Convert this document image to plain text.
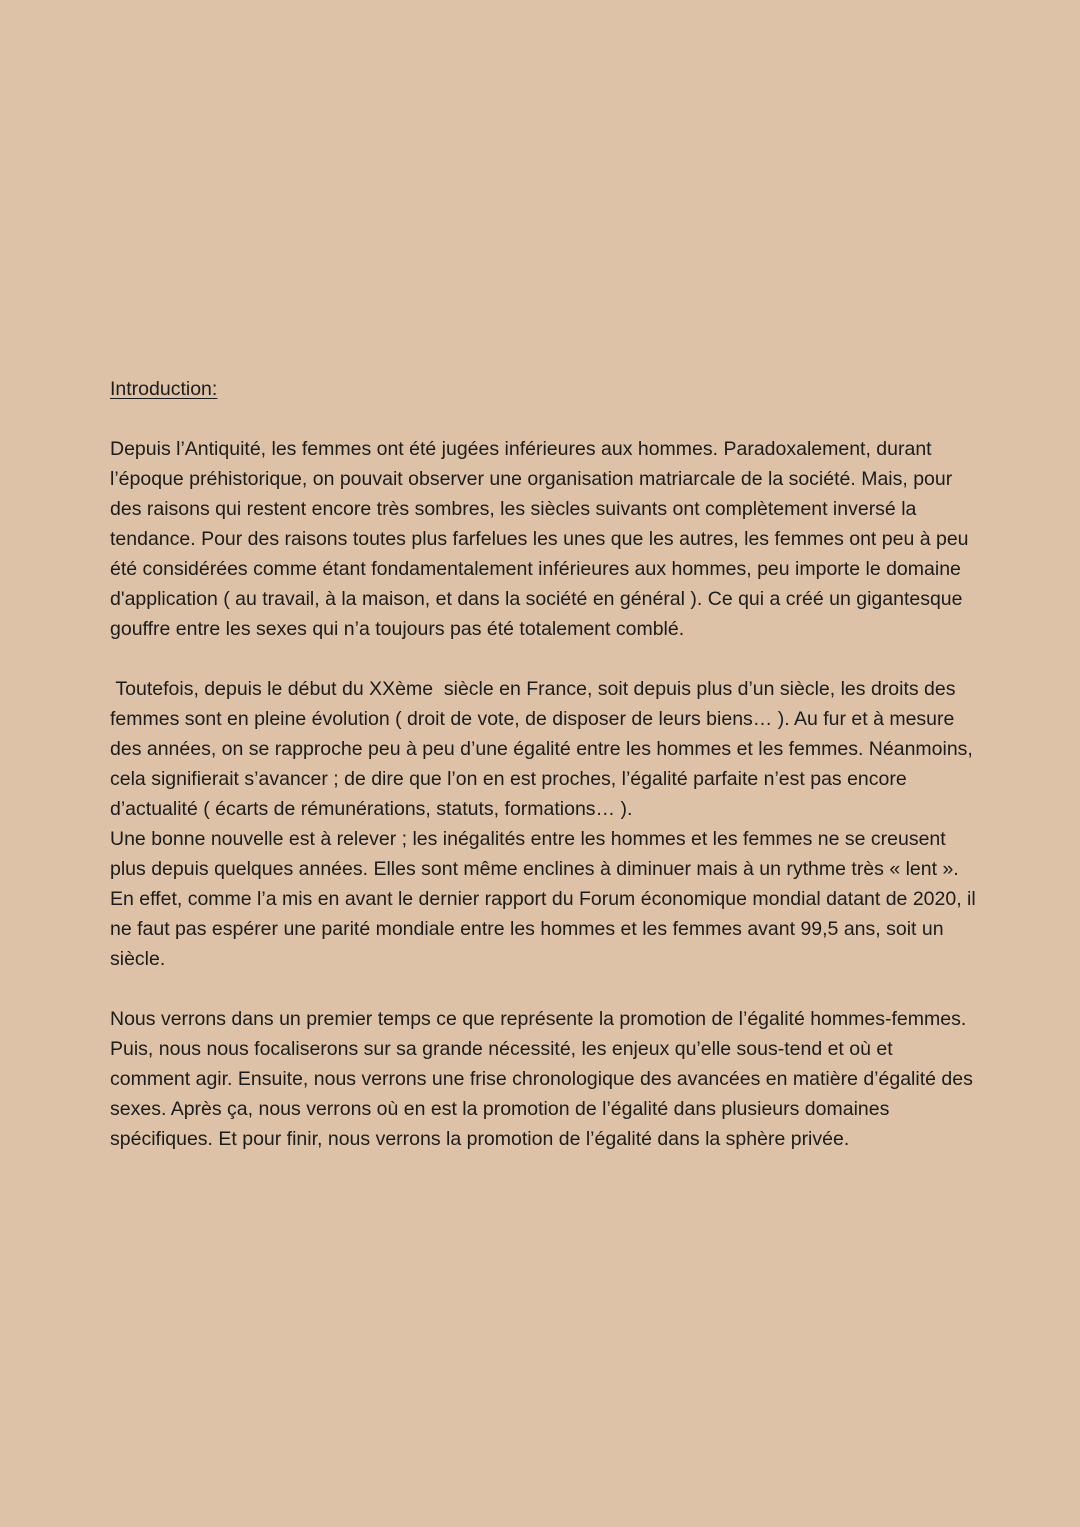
Introduction:

Depuis l’Antiquité, les femmes ont été jugées inférieures aux hommes. Paradoxalement, durant l’époque préhistorique, on pouvait observer une organisation matriarcale de la société. Mais, pour des raisons qui restent encore très sombres, les siècles suivants ont complètement inversé la tendance. Pour des raisons toutes plus farfelues les unes que les autres, les femmes ont peu à peu été considérées comme étant fondamentalement inférieures aux hommes, peu importe le domaine d'application ( au travail, à la maison, et dans la société en général ). Ce qui a créé un gigantesque gouffre entre les sexes qui n’a toujours pas été totalement comblé.

Toutefois, depuis le début du XXème  siècle en France, soit depuis plus d’un siècle, les droits des femmes sont en pleine évolution ( droit de vote, de disposer de leurs biens… ). Au fur et à mesure des années, on se rapproche peu à peu d’une égalité entre les hommes et les femmes. Néanmoins, cela signifierait s’avancer ; de dire que l’on en est proches, l’égalité parfaite n’est pas encore d’actualité ( écarts de rémunérations, statuts, formations… ).

Une bonne nouvelle est à relever ; les inégalités entre les hommes et les femmes ne se creusent plus depuis quelques années. Elles sont même enclines à diminuer mais à un rythme très « lent ». En effet, comme l’a mis en avant le dernier rapport du Forum économique mondial datant de 2020, il ne faut pas espérer une parité mondiale entre les hommes et les femmes avant 99,5 ans, soit un siècle.

Nous verrons dans un premier temps ce que représente la promotion de l’égalité hommes-femmes. Puis, nous nous focaliserons sur sa grande nécessité, les enjeux qu’elle sous-tend et où et comment agir. Ensuite, nous verrons une frise chronologique des avancées en matière d’égalité des sexes. Après ça, nous verrons où en est la promotion de l’égalité dans plusieurs domaines spécifiques. Et pour finir, nous verrons la promotion de l’égalité dans la sphère privée.
